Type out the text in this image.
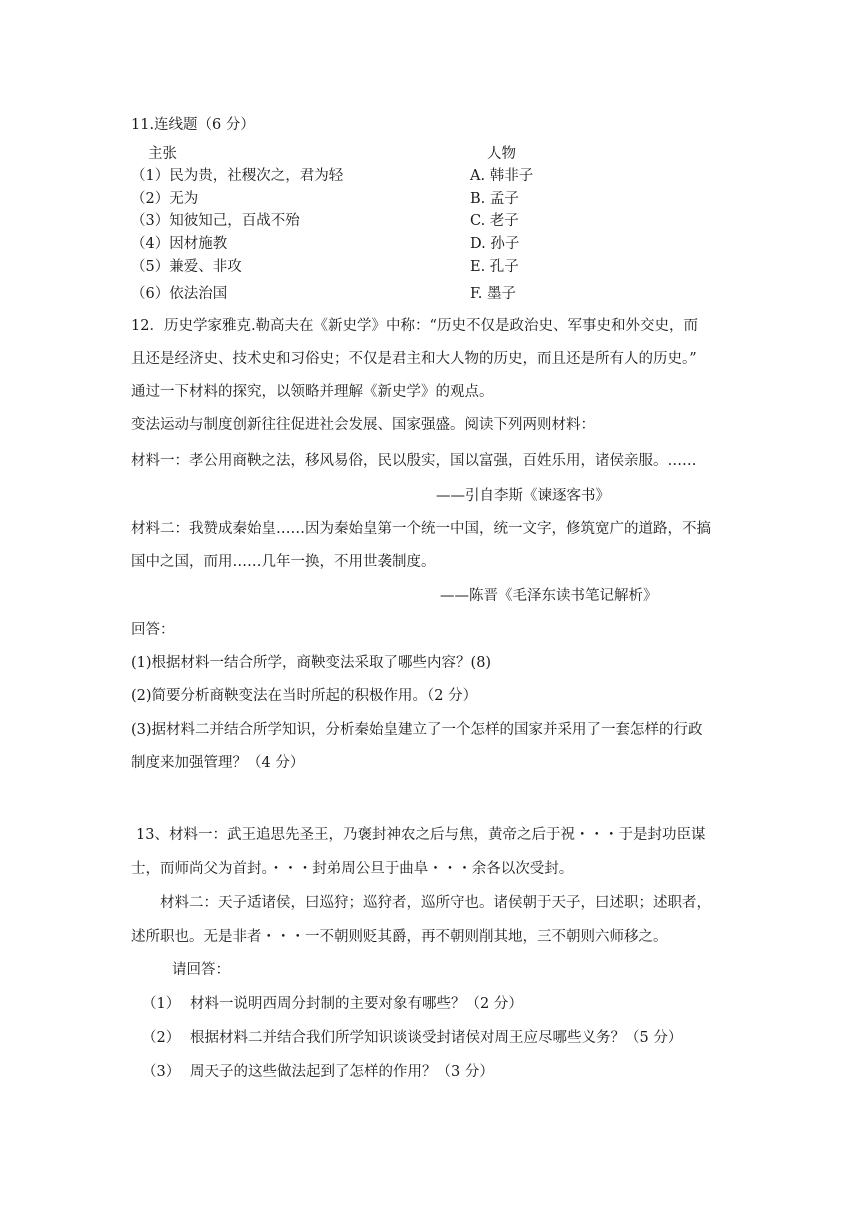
11.连线题（6 分）
主张	人物
（1）民为贵，社稷次之，君为轻
（2）无为
（3）知彼知己，百战不殆
（4）因材施教
（5）兼爱、非攻
（6）依法治国
A. 韩非子
B. 孟子
C. 老子
D. 孙子
E. 孔子
F. 墨子
12．历史学家雅克.勒高夫在《新史学》中称：“历史不仅是政治史、军事史和外交史，而
且还是经济史、技术史和习俗史；不仅是君主和大人物的历史，而且还是所有人的历史。”
通过一下材料的探究，以领略并理解《新史学》的观点。
变法运动与制度创新往往促进社会发展、国家强盛。阅读下列两则材料：
材料一：孝公用商鞅之法，移风易俗，民以殷实，国以富强，百姓乐用，诸侯亲服。……
——引自李斯《谏逐客书》
材料二：我赞成秦始皇……因为秦始皇第一个统一中国，统一文字，修筑宽广的道路，不搞
国中之国，而用……几年一换，不用世袭制度。
——陈晋《毛泽东读书笔记解析》
回答：
(1)根据材料一结合所学，商鞅变法采取了哪些内容？(8)
(2)简要分析商鞅变法在当时所起的积极作用。（2 分）
(3)据材料二并结合所学知识，分析秦始皇建立了一个怎样的国家并采用了一套怎样的行政
制度来加强管理？（4 分）
13、材料一：武王追思先圣王，乃褒封神农之后与焦，黄帝之后于祝・・・于是封功臣谋
士，而师尚父为首封。・・・封弟周公旦于曲阜・・・余各以次受封。
材料二：天子适诸侯，曰巡狩；巡狩者，巡所守也。诸侯朝于天子，曰述职；述职者，
述所职也。无是非者・・・一不朝则贬其爵，再不朝则削其地，三不朝则六师移之。
请回答：
（1） 材料一说明西周分封制的主要对象有哪些？（2 分）
（2） 根据材料二并结合我们所学知识谈谈受封诸侯对周王应尽哪些义务？（5 分）
（3） 周天子的这些做法起到了怎样的作用？（3 分）
